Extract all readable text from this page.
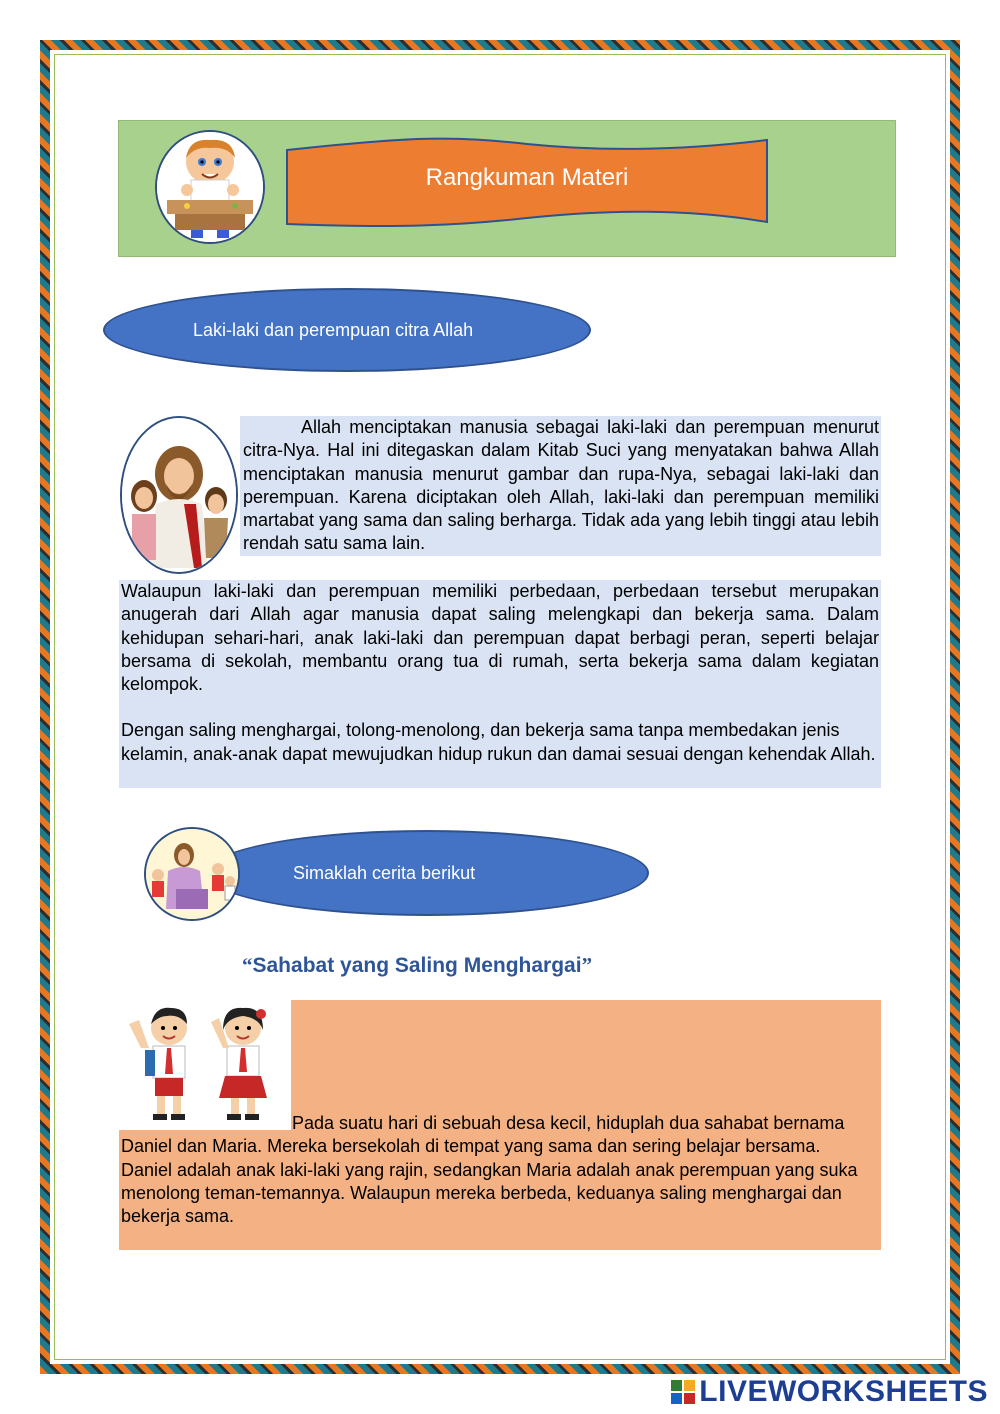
Rangkuman Materi
Laki-laki dan perempuan citra Allah
Allah menciptakan manusia sebagai laki-laki dan perempuan menurut citra-Nya. Hal ini ditegaskan dalam Kitab Suci yang menyatakan bahwa Allah menciptakan manusia menurut gambar dan rupa-Nya, sebagai laki-laki dan perempuan. Karena diciptakan oleh Allah, laki-laki dan perempuan memiliki martabat yang sama dan saling berharga. Tidak ada yang lebih tinggi atau lebih rendah satu sama lain.

Walaupun laki-laki dan perempuan memiliki perbedaan, perbedaan tersebut merupakan anugerah dari Allah agar manusia dapat saling melengkapi dan bekerja sama. Dalam kehidupan sehari-hari, anak laki-laki dan perempuan dapat berbagi peran, seperti belajar bersama di sekolah, membantu orang tua di rumah, serta bekerja sama dalam kegiatan kelompok.

Dengan saling menghargai, tolong-menolong, dan bekerja sama tanpa membedakan jenis kelamin, anak-anak dapat mewujudkan hidup rukun dan damai sesuai dengan kehendak Allah.

Simaklah cerita berikut
“Sahabat yang Saling Menghargai”
Pada suatu hari di sebuah desa kecil, hiduplah dua sahabat bernama Daniel dan Maria. Mereka bersekolah di tempat yang sama dan sering belajar bersama. Daniel adalah anak laki-laki yang rajin, sedangkan Maria adalah anak perempuan yang suka menolong teman-temannya. Walaupun mereka berbeda, keduanya saling menghargai dan bekerja sama.
LIVEWORKSHEETS
